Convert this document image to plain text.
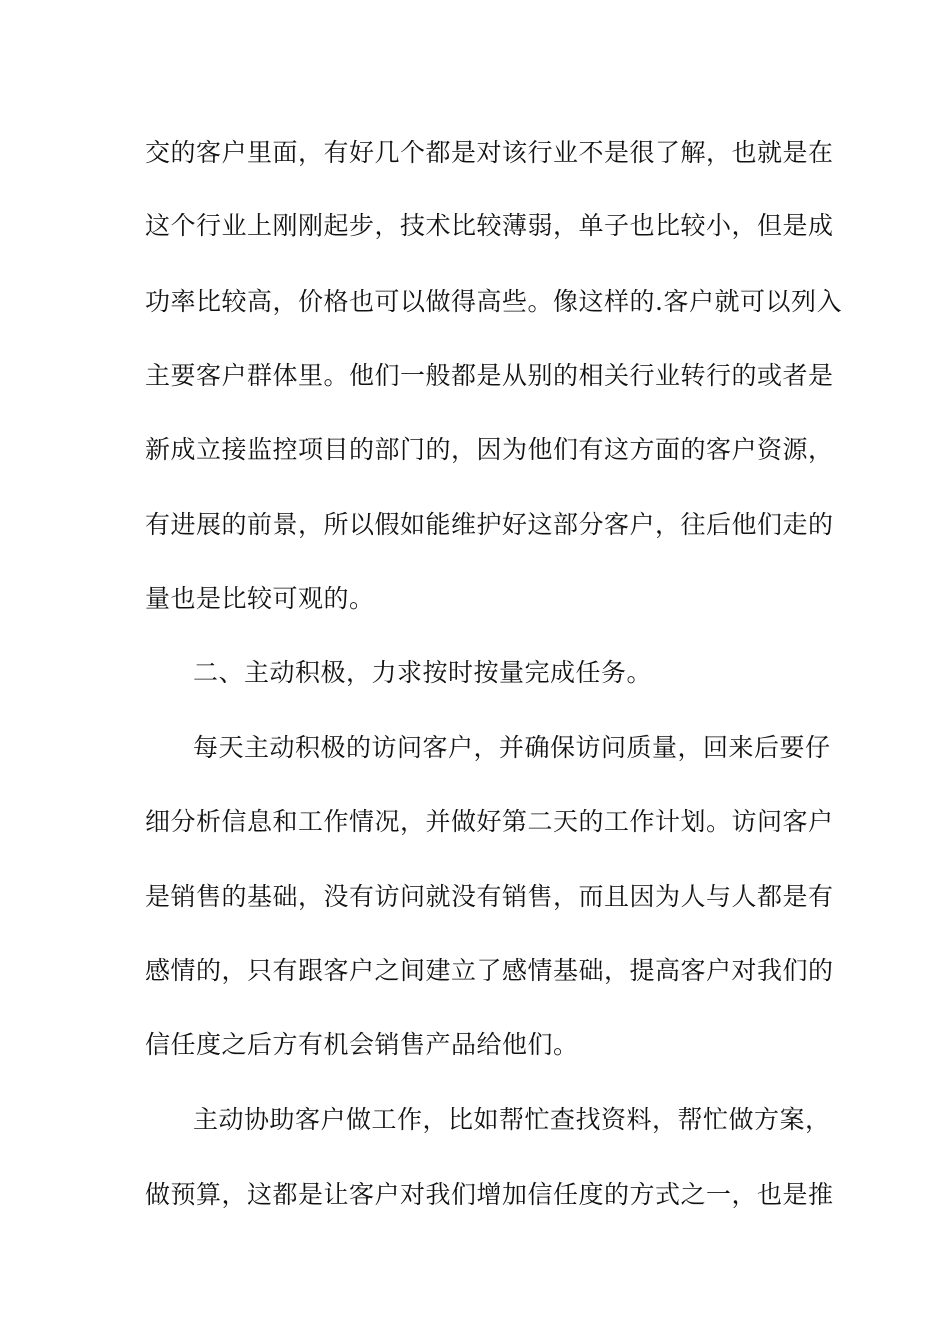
交的客户里面，有好几个都是对该行业不是很了解，也就是在
这个行业上刚刚起步，技术比较薄弱，单子也比较小，但是成
功率比较高，价格也可以做得高些。像这样的.客户就可以列入
主要客户群体里。他们一般都是从别的相关行业转行的或者是
新成立接监控项目的部门的，因为他们有这方面的客户资源，
有进展的前景，所以假如能维护好这部分客户，往后他们走的
量也是比较可观的。
二、主动积极，力求按时按量完成任务。
每天主动积极的访问客户，并确保访问质量，回来后要仔
细分析信息和工作情况，并做好第二天的工作计划。访问客户
是销售的基础，没有访问就没有销售，而且因为人与人都是有
感情的，只有跟客户之间建立了感情基础，提高客户对我们的
信任度之后方有机会销售产品给他们。
主动协助客户做工作，比如帮忙查找资料，帮忙做方案，
做预算，这都是让客户对我们增加信任度的方式之一，也是推
